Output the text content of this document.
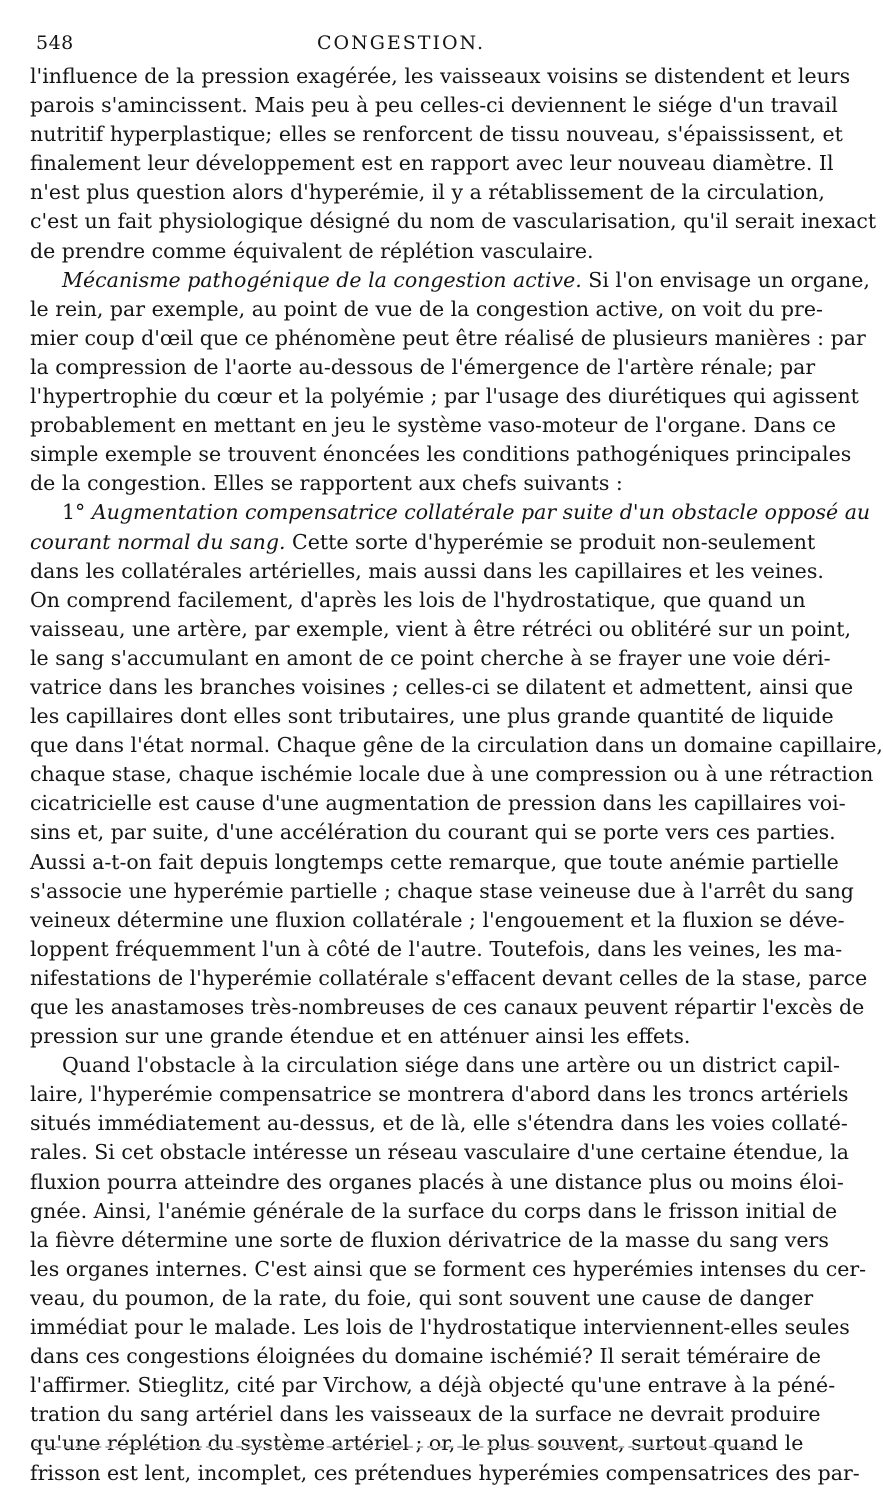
548	CONGESTION.
l'influence de la pression exagérée, les vaisseaux voisins se distendent et leurs
parois s'amincissent. Mais peu à peu celles-ci deviennent le siége d'un travail
nutritif hyperplastique; elles se renforcent de tissu nouveau, s'épaississent, et
finalement leur développement est en rapport avec leur nouveau diamètre. Il
n'est plus question alors d'hyperémie, il y a rétablissement de la circulation,
c'est un fait physiologique désigné du nom de vascularisation, qu'il serait inexact
de prendre comme équivalent de réplétion vasculaire.
Mécanisme pathogénique de la congestion active. Si l'on envisage un organe,
le rein, par exemple, au point de vue de la congestion active, on voit du pre-
mier coup d'œil que ce phénomène peut être réalisé de plusieurs manières : par
la compression de l'aorte au-dessous de l'émergence de l'artère rénale; par
l'hypertrophie du cœur et la polyémie ; par l'usage des diurétiques qui agissent
probablement en mettant en jeu le système vaso-moteur de l'organe. Dans ce
simple exemple se trouvent énoncées les conditions pathogéniques principales
de la congestion. Elles se rapportent aux chefs suivants :
1° Augmentation compensatrice collatérale par suite d'un obstacle opposé au
courant normal du sang. Cette sorte d'hyperémie se produit non-seulement
dans les collatérales artérielles, mais aussi dans les capillaires et les veines.
On comprend facilement, d'après les lois de l'hydrostatique, que quand un
vaisseau, une artère, par exemple, vient à être rétréci ou oblitéré sur un point,
le sang s'accumulant en amont de ce point cherche à se frayer une voie déri-
vatrice dans les branches voisines ; celles-ci se dilatent et admettent, ainsi que
les capillaires dont elles sont tributaires, une plus grande quantité de liquide
que dans l'état normal. Chaque gêne de la circulation dans un domaine capillaire,
chaque stase, chaque ischémie locale due à une compression ou à une rétraction
cicatricielle est cause d'une augmentation de pression dans les capillaires voi-
sins et, par suite, d'une accélération du courant qui se porte vers ces parties.
Aussi a-t-on fait depuis longtemps cette remarque, que toute anémie partielle
s'associe une hyperémie partielle ; chaque stase veineuse due à l'arrêt du sang
veineux détermine une fluxion collatérale ; l'engouement et la fluxion se déve-
loppent fréquemment l'un à côté de l'autre. Toutefois, dans les veines, les ma-
nifestations de l'hyperémie collatérale s'effacent devant celles de la stase, parce
que les anastamoses très-nombreuses de ces canaux peuvent répartir l'excès de
pression sur une grande étendue et en atténuer ainsi les effets.
Quand l'obstacle à la circulation siége dans une artère ou un district capil-
laire, l'hyperémie compensatrice se montrera d'abord dans les troncs artériels
situés immédiatement au-dessus, et de là, elle s'étendra dans les voies collaté-
rales. Si cet obstacle intéresse un réseau vasculaire d'une certaine étendue, la
fluxion pourra atteindre des organes placés à une distance plus ou moins éloi-
gnée. Ainsi, l'anémie générale de la surface du corps dans le frisson initial de
la fièvre détermine une sorte de fluxion dérivatrice de la masse du sang vers
les organes internes. C'est ainsi que se forment ces hyperémies intenses du cer-
veau, du poumon, de la rate, du foie, qui sont souvent une cause de danger
immédiat pour le malade. Les lois de l'hydrostatique interviennent-elles seules
dans ces congestions éloignées du domaine ischémié? Il serait téméraire de
l'affirmer. Stieglitz, cité par Virchow, a déjà objecté qu'une entrave à la péné-
tration du sang artériel dans les vaisseaux de la surface ne devrait produire
qu'une réplétion du système artériel ; or, le plus souvent, surtout quand le
frisson est lent, incomplet, ces prétendues hyperémies compensatrices des par-
